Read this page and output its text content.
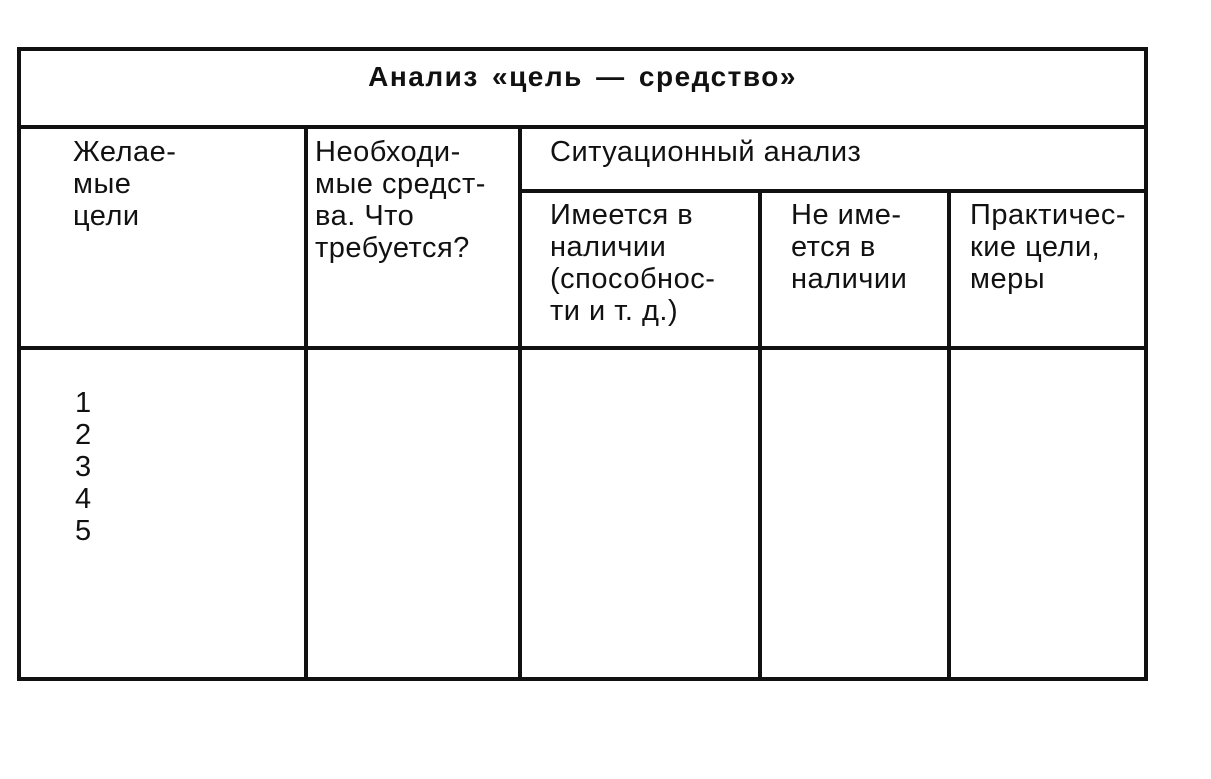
Анализ «цель — средство»
Желае-
мые
цели
Необходи-
мые средст-
ва. Что
требуется?
Ситуационный анализ
Имеется в
наличии
(способнос-
ти и т. д.)
Не име-
ется в
наличии
Практичес-
кие цели,
меры
1
2
3
4
5
